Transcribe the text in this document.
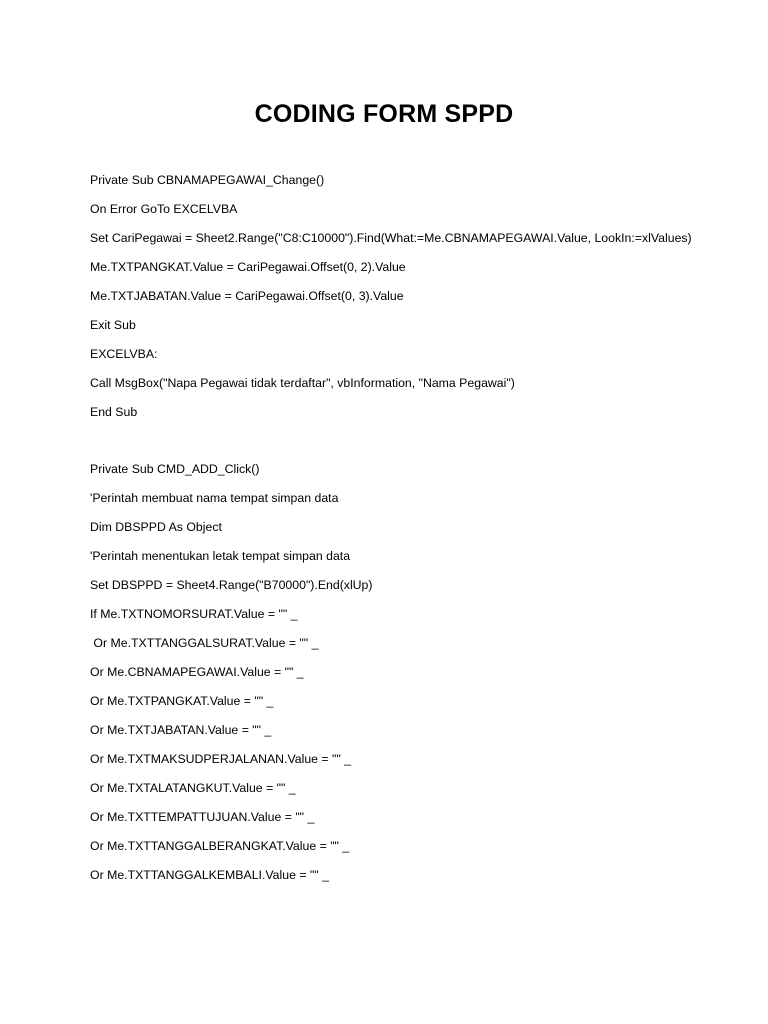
CODING FORM SPPD
Private Sub CBNAMAPEGAWAI_Change()
On Error GoTo EXCELVBA
Set CariPegawai = Sheet2.Range("C8:C10000").Find(What:=Me.CBNAMAPEGAWAI.Value, LookIn:=xlValues)
Me.TXTPANGKAT.Value = CariPegawai.Offset(0, 2).Value
Me.TXTJABATAN.Value = CariPegawai.Offset(0, 3).Value
Exit Sub
EXCELVBA:
Call MsgBox("Napa Pegawai tidak terdaftar", vbInformation, "Nama Pegawai")
End Sub
Private Sub CMD_ADD_Click()
'Perintah membuat nama tempat simpan data
Dim DBSPPD As Object
'Perintah menentukan letak tempat simpan data
Set DBSPPD = Sheet4.Range("B70000").End(xlUp)
If Me.TXTNOMORSURAT.Value = "" _
Or Me.TXTTANGGALSURAT.Value = "" _
Or Me.CBNAMAPEGAWAI.Value = "" _
Or Me.TXTPANGKAT.Value = "" _
Or Me.TXTJABATAN.Value = "" _
Or Me.TXTMAKSUDPERJALANAN.Value = "" _
Or Me.TXTALATANGKUT.Value = "" _
Or Me.TXTTEMPATTUJUAN.Value = "" _
Or Me.TXTTANGGALBERANGKAT.Value = "" _
Or Me.TXTTANGGALKEMBALI.Value = "" _
